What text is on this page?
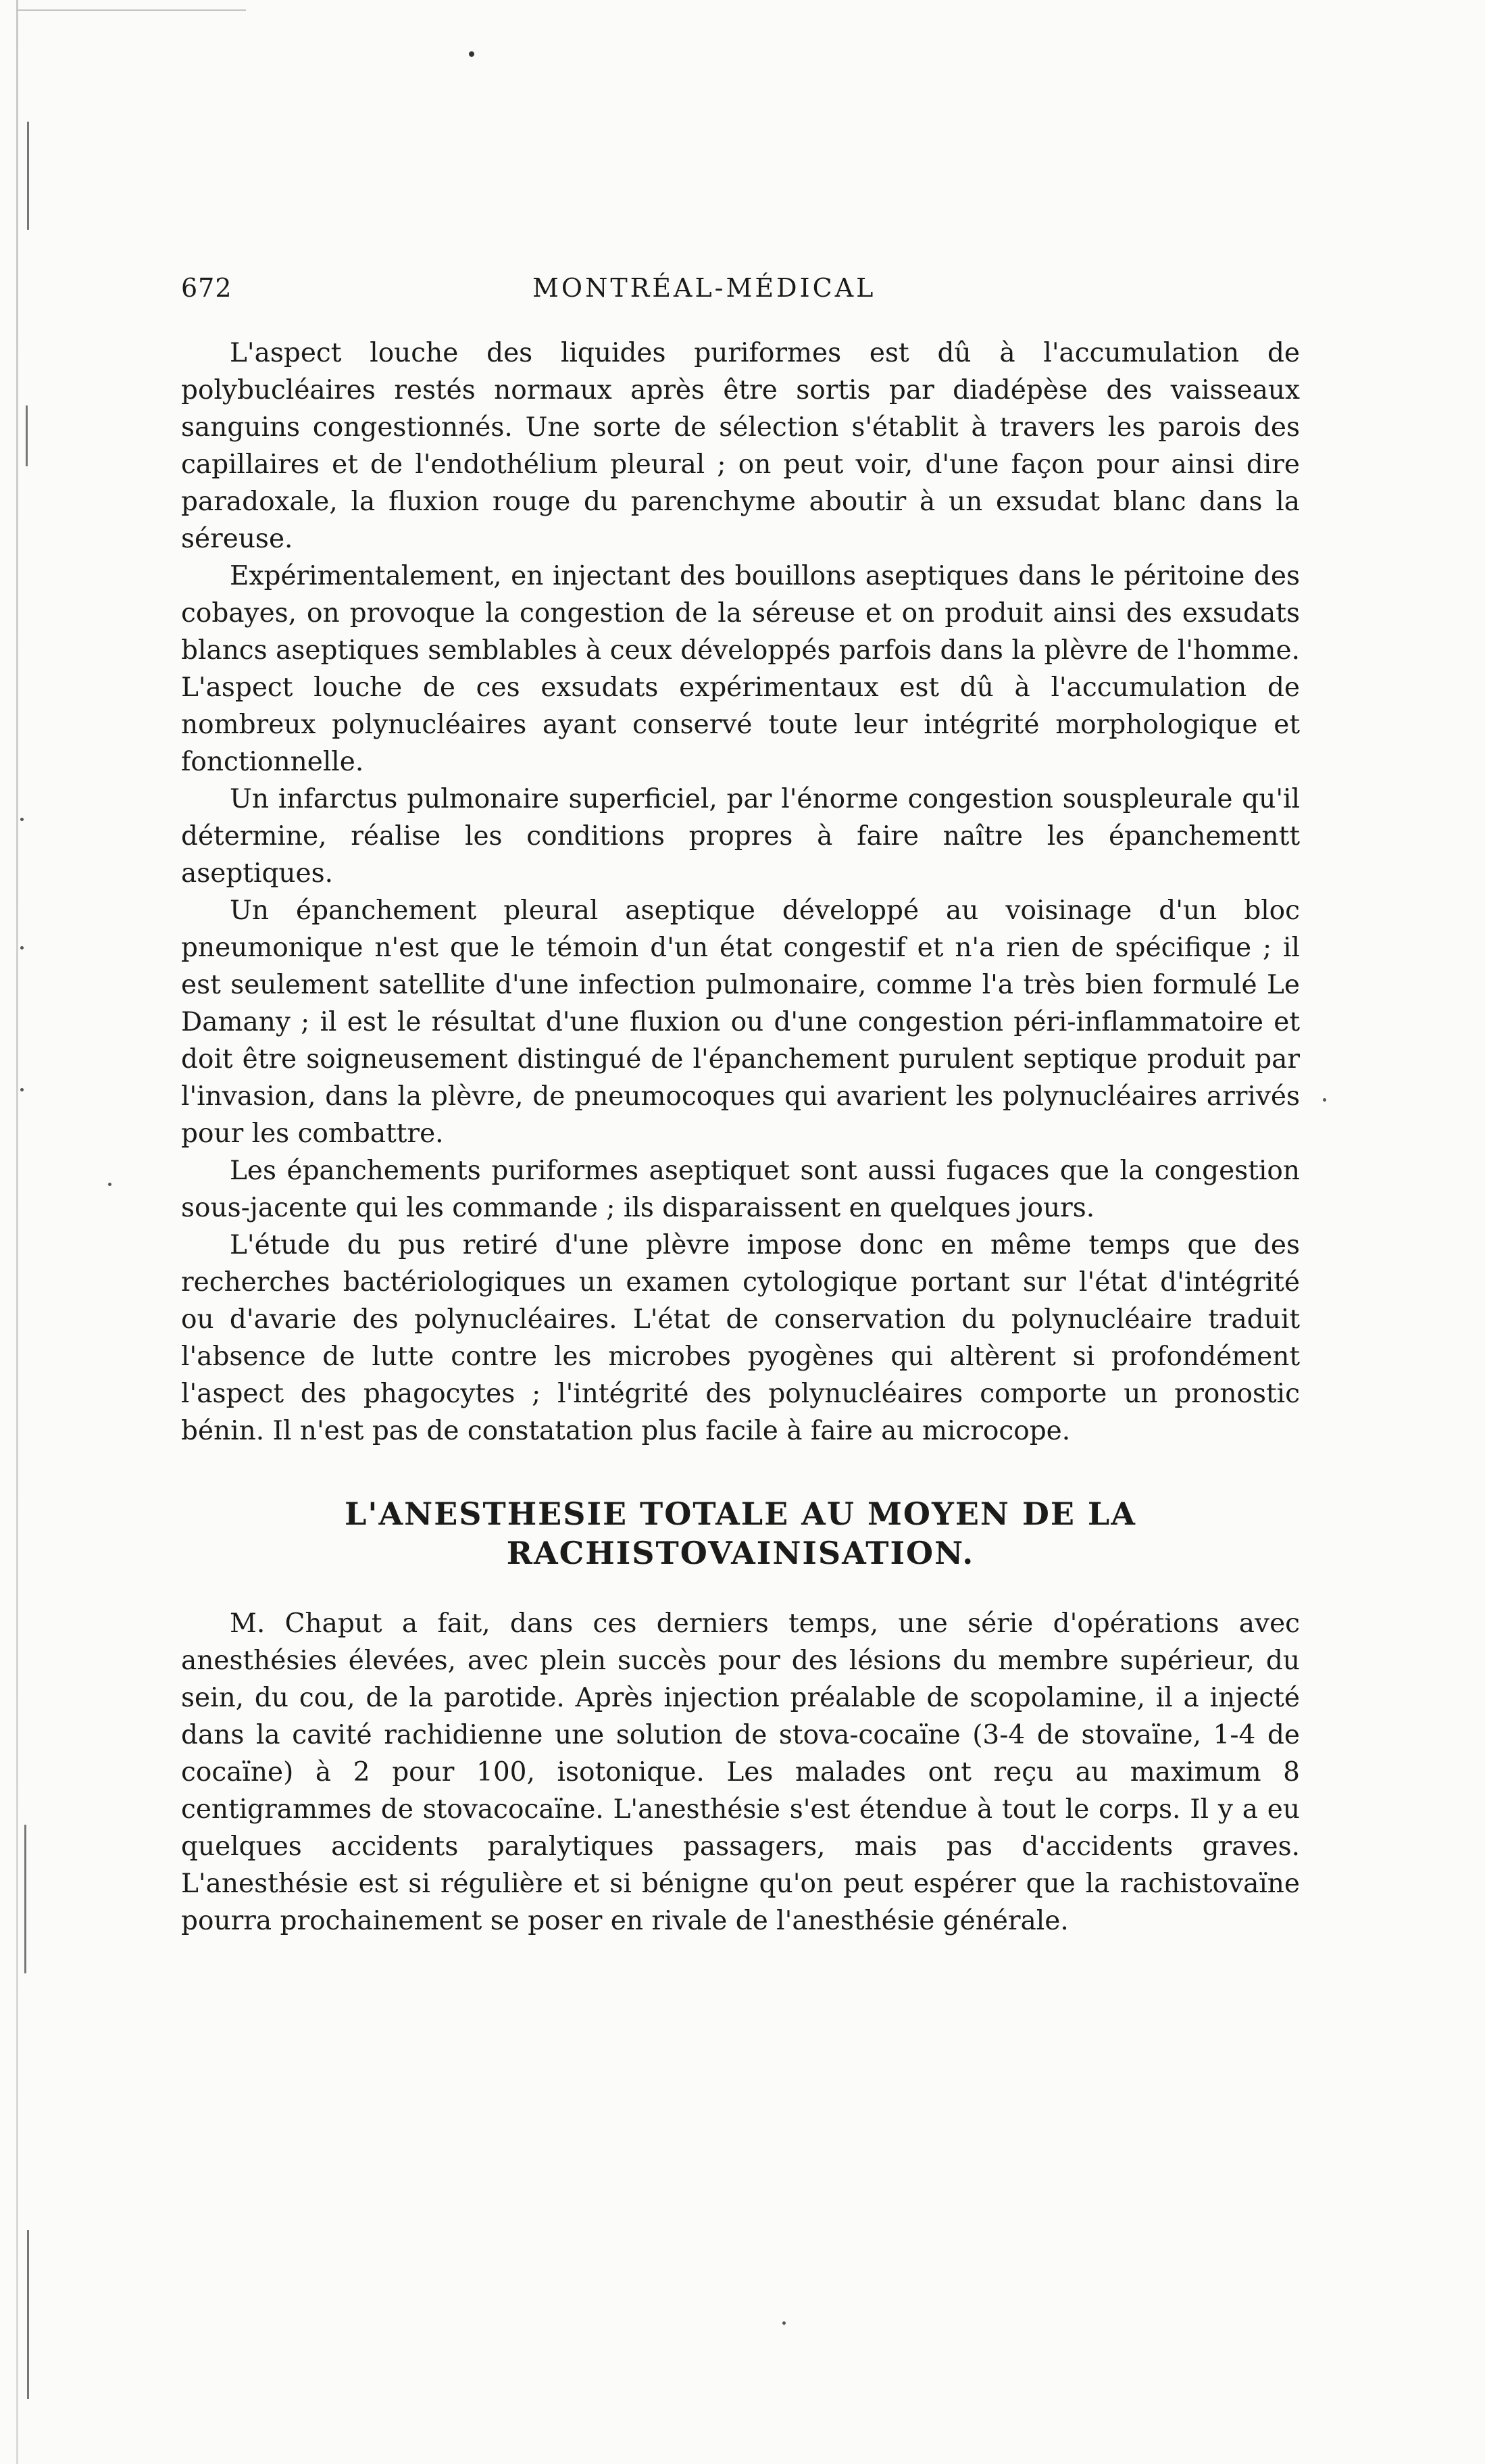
672	MONTRÉAL-MÉDICAL

L'aspect louche des liquides puriformes est dû à l'accumulation de polybucléaires restés normaux après être sortis par diadépèse des vaisseaux sanguins congestionnés. Une sorte de sélection s'établit à travers les parois des capillaires et de l'endothélium pleural ; on peut voir, d'une façon pour ainsi dire paradoxale, la fluxion rouge du parenchyme aboutir à un exsudat blanc dans la séreuse.

Expérimentalement, en injectant des bouillons aseptiques dans le péritoine des cobayes, on provoque la congestion de la séreuse et on produit ainsi des exsudats blancs aseptiques semblables à ceux développés parfois dans la plèvre de l'homme. L'aspect louche de ces exsudats expérimentaux est dû à l'accumulation de nombreux polynucléaires ayant conservé toute leur intégrité morphologique et fonctionnelle.

Un infarctus pulmonaire superficiel, par l'énorme congestion souspleurale qu'il détermine, réalise les conditions propres à faire naître les épanchementt aseptiques.

Un épanchement pleural aseptique développé au voisinage d'un bloc pneumonique n'est que le témoin d'un état congestif et n'a rien de spécifique ; il est seulement satellite d'une infection pulmonaire, comme l'a très bien formulé Le Damany ; il est le résultat d'une fluxion ou d'une congestion péri-inflammatoire et doit être soigneusement distingué de l'épanchement purulent septique produit par l'invasion, dans la plèvre, de pneumocoques qui avarient les polynucléaires arrivés pour les combattre.

Les épanchements puriformes aseptiquet sont aussi fugaces que la congestion sous-jacente qui les commande ; ils disparaissent en quelques jours.

L'étude du pus retiré d'une plèvre impose donc en même temps que des recherches bactériologiques un examen cytologique portant sur l'état d'intégrité ou d'avarie des polynucléaires. L'état de conservation du polynucléaire traduit l'absence de lutte contre les microbes pyogènes qui altèrent si profondément l'aspect des phagocytes ; l'intégrité des polynucléaires comporte un pronostic bénin. Il n'est pas de constatation plus facile à faire au microcope.

L'ANESTHESIE TOTALE AU MOYEN DE LA RACHISTOVAINISATION.

M. Chaput a fait, dans ces derniers temps, une série d'opérations avec anesthésies élevées, avec plein succès pour des lésions du membre supérieur, du sein, du cou, de la parotide. Après injection préalable de scopolamine, il a injecté dans la cavité rachidienne une solution de stova-cocaïne (3-4 de stovaïne, 1-4 de cocaïne) à 2 pour 100, isotonique. Les malades ont reçu au maximum 8 centigrammes de stovacocaïne. L'anesthésie s'est étendue à tout le corps. Il y a eu quelques accidents paralytiques passagers, mais pas d'accidents graves. L'anesthésie est si régulière et si bénigne qu'on peut espérer que la rachistovaïne pourra prochainement se poser en rivale de l'anesthésie générale.
